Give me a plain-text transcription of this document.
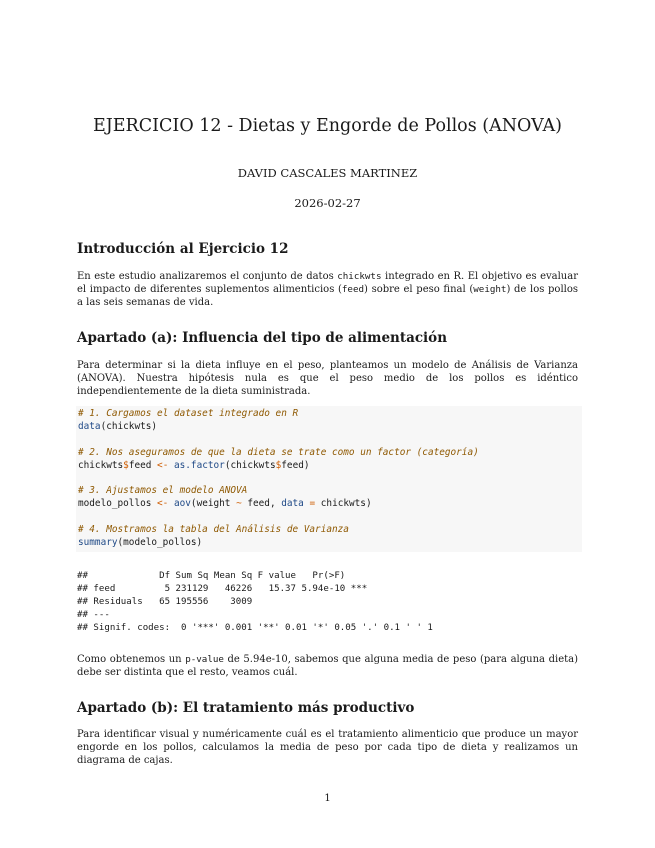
EJERCICIO 12 - Dietas y Engorde de Pollos (ANOVA)
DAVID CASCALES MARTINEZ
2026-02-27
Introducción al Ejercicio 12

En este estudio analizaremos el conjunto de datos chickwts integrado en R. El objetivo es evaluar el impacto de diferentes suplementos alimenticios (feed) sobre el peso final (weight) de los pollos a las seis semanas de vida.

Apartado (a): Influencia del tipo de alimentación

Para determinar si la dieta influye en el peso, planteamos un modelo de Análisis de Varianza (ANOVA). Nuestra hipótesis nula es que el peso medio de los pollos es idéntico independientemente de la dieta suministrada.

# 1. Cargamos el dataset integrado en R
data(chickwts)
# 2. Nos aseguramos de que la dieta se trate como un factor (categoría)
chickwts$feed <- as.factor(chickwts$feed)
# 3. Ajustamos el modelo ANOVA
modelo_pollos <- aov(weight ~ feed, data = chickwts)
# 4. Mostramos la tabla del Análisis de Varianza
summary(modelo_pollos)
##             Df Sum Sq Mean Sq F value   Pr(>F)
## feed         5 231129   46226   15.37 5.94e-10 ***
## Residuals   65 195556    3009
## ---
## Signif. codes:  0 '***' 0.001 '**' 0.01 '*' 0.05 '.' 0.1 ' ' 1

Como obtenemos un p-value de 5.94e-10, sabemos que alguna media de peso (para alguna dieta) debe ser distinta que el resto, veamos cuál.

Apartado (b): El tratamiento más productivo

Para identificar visual y numéricamente cuál es el tratamiento alimenticio que produce un mayor engorde en los pollos, calculamos la media de peso por cada tipo de dieta y realizamos un diagrama de cajas.

1
